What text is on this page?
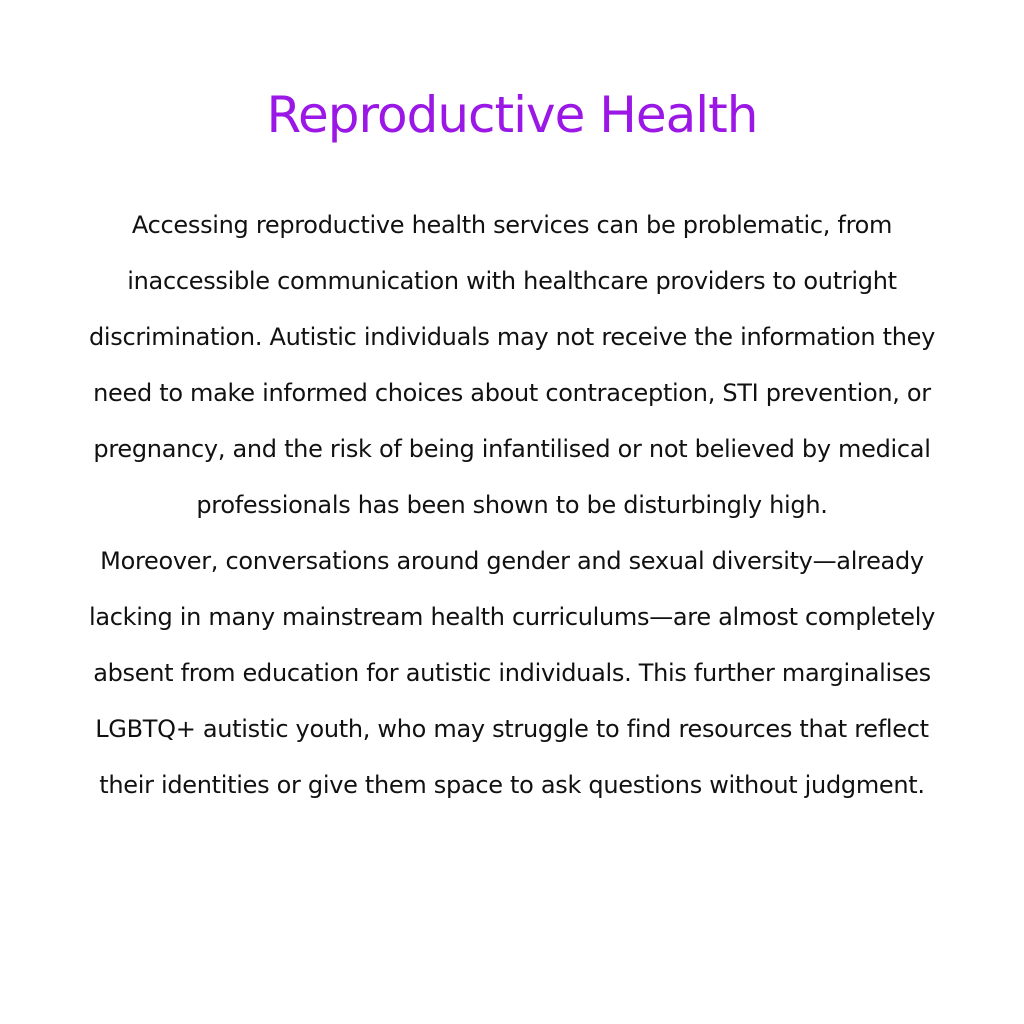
Reproductive Health

Accessing reproductive health services can be problematic, from inaccessible communication with healthcare providers to outright discrimination. Autistic individuals may not receive the information they need to make informed choices about contraception, STI prevention, or pregnancy, and the risk of being infantilised or not believed by medical professionals has been shown to be disturbingly high.

Moreover, conversations around gender and sexual diversity—already lacking in many mainstream health curriculums—are almost completely absent from education for autistic individuals. This further marginalises LGBTQ+ autistic youth, who may struggle to find resources that reflect their identities or give them space to ask questions without judgment.
